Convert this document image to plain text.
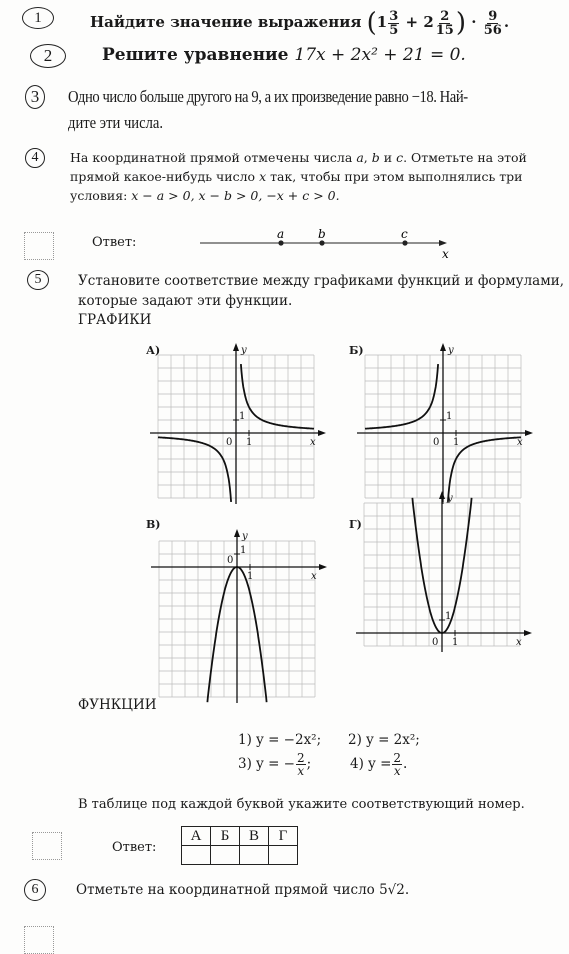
1	Найдите значение выражения ($1 \frac{3}{5} + 2 \frac{2}{15}$ ) · $\frac{9}{56}$ .
2	Решите уравнение 17x + 2x² + 21 = 0.
3 Одно число больше другого на 9, а их произведение равно −18. Най-
дите эти числа.
4	На координатной прямой отмечены числа a, b и c. Отметьте на этой
прямой какое-нибудь число x так, чтобы при этом выполнялись три
условия: x − a > 0, x − b > 0, −x + c > 0.
Ответ:
a	b	c
x
5	Установите соответствие между графиками функций и формулами,
которые задают эти функции.
ГРАФИКИ
y
x
0 1
1
y
x
0 1
1
y
x
0
1
1
y
x
0 1
1
А)	Б)
В)	Г)
ФУНКЦИИ
1) y = −2x²; 2) y = 2x²;
3) y = − $\frac{2}{x}$ ;	4) $y = \frac{2}{x}$ .
В таблице под каждой буквой укажите соответствующий номер.
Ответ:
А	Б	В	Г

6	Отметьте на координатной прямой число 5√2.
